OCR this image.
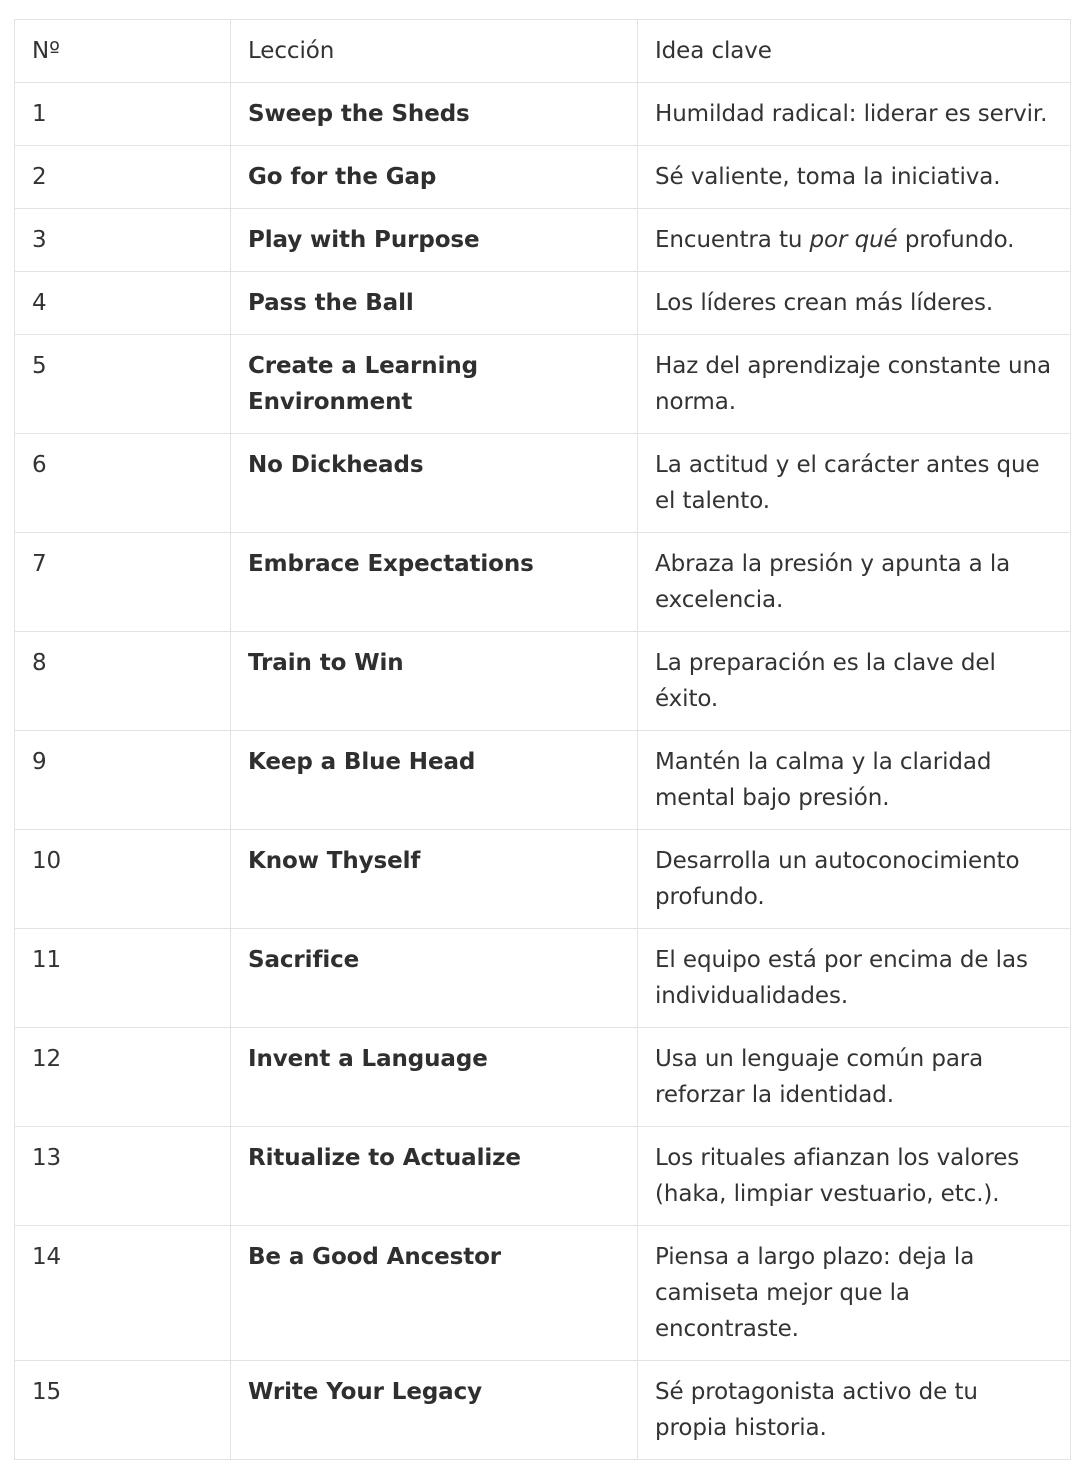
Nº	Lección	Idea clave
1	Sweep the Sheds	Humildad radical: liderar es servir.
2	Go for the Gap	Sé valiente, toma la iniciativa.
3	Play with Purpose	Encuentra tu por qué profundo.
4	Pass the Ball	Los líderes crean más líderes.
5	Create a Learning Environment	Haz del aprendizaje constante una norma.
6	No Dickheads	La actitud y el carácter antes que el talento.
7	Embrace Expectations	Abraza la presión y apunta a la excelencia.
8	Train to Win	La preparación es la clave del éxito.
9	Keep a Blue Head	Mantén la calma y la claridad mental bajo presión.
10	Know Thyself	Desarrolla un autoconocimiento profundo.
11	Sacrifice	El equipo está por encima de las individualidades.
12	Invent a Language	Usa un lenguaje común para reforzar la identidad.
13	Ritualize to Actualize	Los rituales afianzan los valores (haka, limpiar vestuario, etc.).
14	Be a Good Ancestor	Piensa a largo plazo: deja la camiseta mejor que la encontraste.
15	Write Your Legacy	Sé protagonista activo de tu propia historia.
